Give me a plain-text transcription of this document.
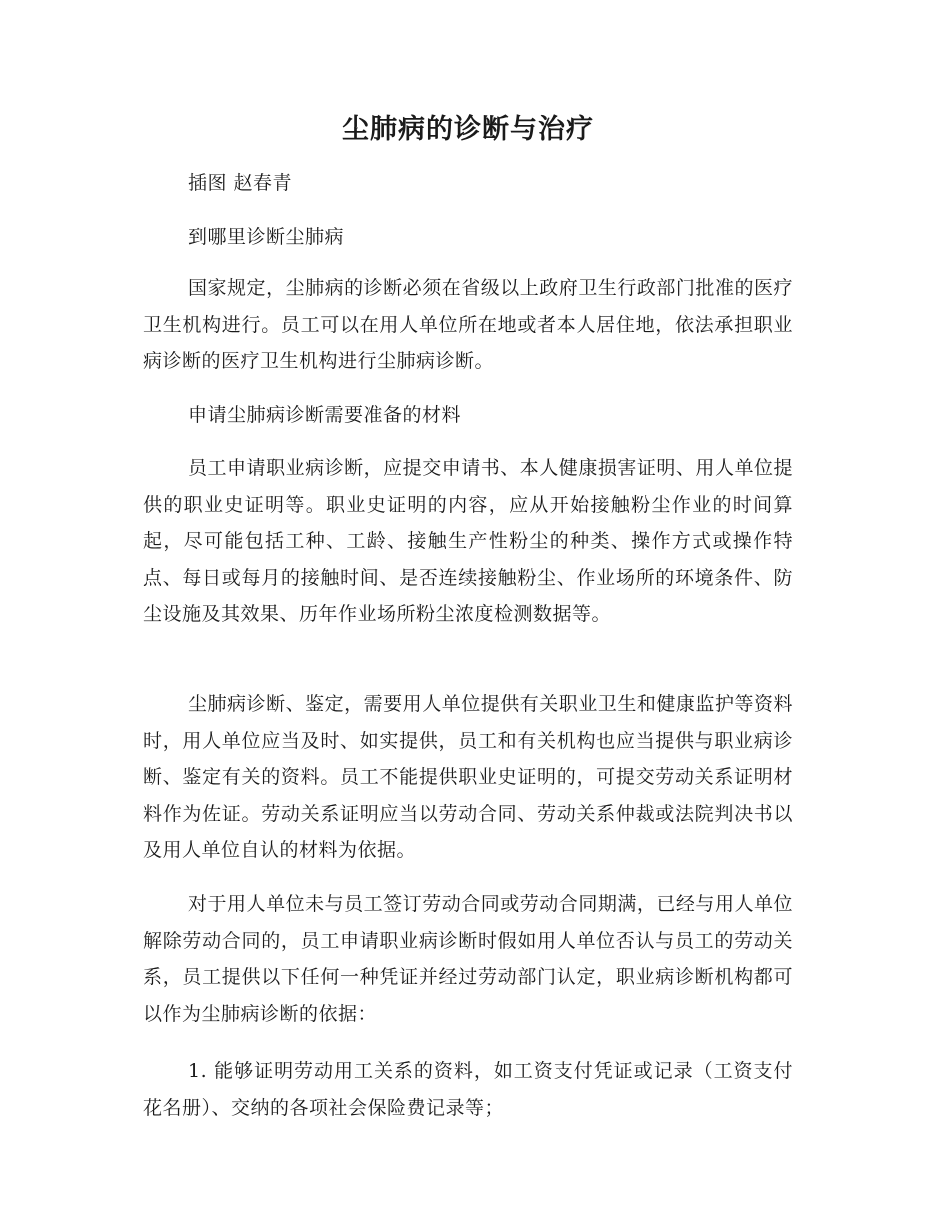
尘肺病的诊断与治疗

插图 赵春青

到哪里诊断尘肺病

国家规定，尘肺病的诊断必须在省级以上政府卫生行政部门批准的医疗卫生机构进行。员工可以在用人单位所在地或者本人居住地，依法承担职业病诊断的医疗卫生机构进行尘肺病诊断。

申请尘肺病诊断需要准备的材料

员工申请职业病诊断，应提交申请书、本人健康损害证明、用人单位提供的职业史证明等。职业史证明的内容，应从开始接触粉尘作业的时间算起，尽可能包括工种、工龄、接触生产性粉尘的种类、操作方式或操作特点、每日或每月的接触时间、是否连续接触粉尘、作业场所的环境条件、防尘设施及其效果、历年作业场所粉尘浓度检测数据等。

尘肺病诊断、鉴定，需要用人单位提供有关职业卫生和健康监护等资料时，用人单位应当及时、如实提供，员工和有关机构也应当提供与职业病诊断、鉴定有关的资料。员工不能提供职业史证明的，可提交劳动关系证明材料作为佐证。劳动关系证明应当以劳动合同、劳动关系仲裁或法院判决书以及用人单位自认的材料为依据。

对于用人单位未与员工签订劳动合同或劳动合同期满，已经与用人单位解除劳动合同的，员工申请职业病诊断时假如用人单位否认与员工的劳动关系，员工提供以下任何一种凭证并经过劳动部门认定，职业病诊断机构都可以作为尘肺病诊断的依据：

1. 能够证明劳动用工关系的资料，如工资支付凭证或记录（工资支付花名册）、交纳的各项社会保险费记录等；
